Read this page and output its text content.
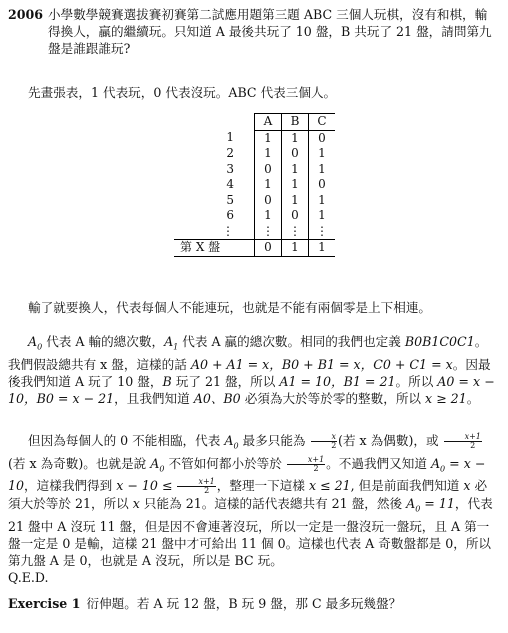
2006 小學數學競賽選拔賽初賽第二試應用題第三題 ABC 三個人玩棋，沒有和棋，輸得換人，贏的繼續玩。只知道 A 最後共玩了 10 盤，B 共玩了 21 盤，請問第九盤是誰跟誰玩?
先畫張表，1 代表玩，0 代表沒玩。ABC 代表三個人。
	A	B	C
1	1	1	0
2	1	0	1
3	0	1	1
4	1	1	0
5	0	1	1
6	1	0	1
⋮	⋮	⋮	⋮
第 X 盤	0	1	1
輸了就要換人，代表每個人不能連玩，也就是不能有兩個零是上下相連。
$A_0$ 代表 A 輸的總次數，$A_1$ 代表 A 贏的總次數。相同的我們也定義 B0B1C0C1。我們假設總共有 x 盤，這樣的話 A0 + A1 = x，B0 + B1 = x，C0 + C1 = x。因最後我們知道 A 玩了 10 盤，B 玩了 21 盤，所以 A1 = 10，B1 = 21。所以 A0 = x − 10，B0 = x − 21，且我們知道 A0、B0 必須為大於等於零的整數，所以 x ≥ 21。
但因為每個人的 0 不能相臨，代表 $A_0$ 最多只能為 $\frac{x}{2}$ (若 x 為偶數)，或 $\frac{x+1}{2}$
(若 x 為奇數)。也就是說 $A_0$ 不管如何都小於等於 $\frac{x+1}{2}$ 。不過我們又知道 $A_0 = x - 10$，這樣我們得到 $x - 10 \le \frac{x+1}{2}$ ，整理一下這樣 x ≤ 21, 但是前面我們知道 x 必須大於等於 21，所以 x 只能為 21。這樣的話代表總共有 21 盤，然後 $A_0 = 11$，代表 21 盤中 A 沒玩 11 盤，但是因不會連著沒玩，所以一定是一盤沒玩一盤玩，且 A 第一盤一定是 0 是輸，這樣 21 盤中才可給出 11 個 0。這樣也代表 A 奇數盤都是 0，所以第九盤 A 是 0，也就是 A 沒玩，所以是 BC 玩。
Q.E.D.
Exercise 1 衍伸題。若 A 玩 12 盤，B 玩 9 盤，那 C 最多玩幾盤？
